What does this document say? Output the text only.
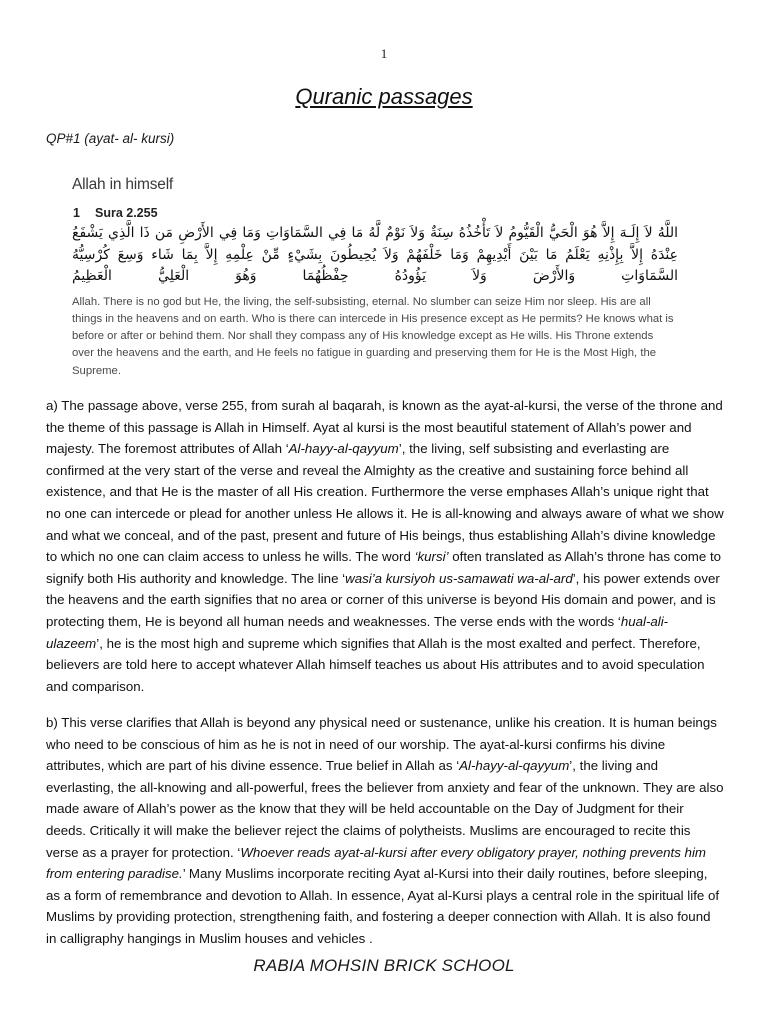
1
Quranic passages
QP#1 (ayat- al- kursi)

Allah in himself

1 Sura 2.255

اللَّهُ لاَ إِلَـهَ إِلاَّ هُوَ الْحَيُّ الْقَيُّومُ لاَ تَأْخُذُهُ سِنَةٌ وَلاَ نَوْمٌ لَّهُ مَا فِي السَّمَاوَاتِ وَمَا فِي الأَرْضِ مَن ذَا الَّذِي يَشْفَعُ عِنْدَهُ إِلاَّ بِإِذْنِهِ يَعْلَمُ مَا بَيْنَ أَيْدِيهِمْ وَمَا خَلْفَهُمْ وَلاَ يُحِيطُونَ بِشَيْءٍ مِّنْ عِلْمِهِ إِلاَّ بِمَا شَاء وَسِعَ كُرْسِيُّهُ السَّمَاوَاتِ وَالأَرْضَ وَلاَ يَؤُودُهُ حِفْظُهُمَا وَهُوَ الْعَلِيُّ الْعَظِيمُ

Allah. There is no god but He, the living, the self-subsisting, eternal. No slumber can seize Him nor sleep. His are all things in the heavens and on earth. Who is there can intercede in His presence except as He permits? He knows what is before or after or behind them. Nor shall they compass any of His knowledge except as He wills. His Throne extends over the heavens and the earth, and He feels no fatigue in guarding and preserving them for He is the Most High, the Supreme.

a) The passage above, verse 255, from surah al baqarah, is known as the ayat-al-kursi, the verse of the throne and the theme of this passage is Allah in Himself. Ayat al kursi is the most beautiful statement of Allah’s power and majesty. The foremost attributes of Allah ‘Al-hayy-al-qayyum’, the living, self subsisting and everlasting are confirmed at the very start of the verse and reveal the Almighty as the creative and sustaining force behind all existence, and that He is the master of all His creation. Furthermore the verse emphases Allah’s unique right that no one can intercede or plead for another unless He allows it. He is all-knowing and always aware of what we show and what we conceal, and of the past, present and future of His beings, thus establishing Allah’s divine knowledge to which no one can claim access to unless he wills. The word ‘kursi’ often translated as Allah’s throne has come to signify both His authority and knowledge. The line ‘wasi’a kursiyoh us-samawati wa-al-ard’, his power extends over the heavens and the earth signifies that no area or corner of this universe is beyond His domain and power, and is protecting them, He is beyond all human needs and weaknesses. The verse ends with the words ‘hual-ali-ulazeem’, he is the most high and supreme which signifies that Allah is the most exalted and perfect. Therefore, believers are told here to accept whatever Allah himself teaches us about His attributes and to avoid speculation and comparison.

b) This verse clarifies that Allah is beyond any physical need or sustenance, unlike his creation. It is human beings who need to be conscious of him as he is not in need of our worship. The ayat-al-kursi confirms his divine attributes, which are part of his divine essence. True belief in Allah as ‘Al-hayy-al-qayyum’, the living and everlasting, the all-knowing and all-powerful, frees the believer from anxiety and fear of the unknown. They are also made aware of Allah’s power as the know that they will be held accountable on the Day of Judgment for their deeds. Critically it will make the believer reject the claims of polytheists. Muslims are encouraged to recite this verse as a prayer for protection. ‘Whoever reads ayat-al-kursi after every obligatory prayer, nothing prevents him from entering paradise.’ Many Muslims incorporate reciting Ayat al-Kursi into their daily routines, before sleeping, as a form of remembrance and devotion to Allah. In essence, Ayat al-Kursi plays a central role in the spiritual life of Muslims by providing protection, strengthening faith, and fostering a deeper connection with Allah. It is also found in calligraphy hangings in Muslim houses and vehicles .

RABIA MOHSIN BRICK SCHOOL
